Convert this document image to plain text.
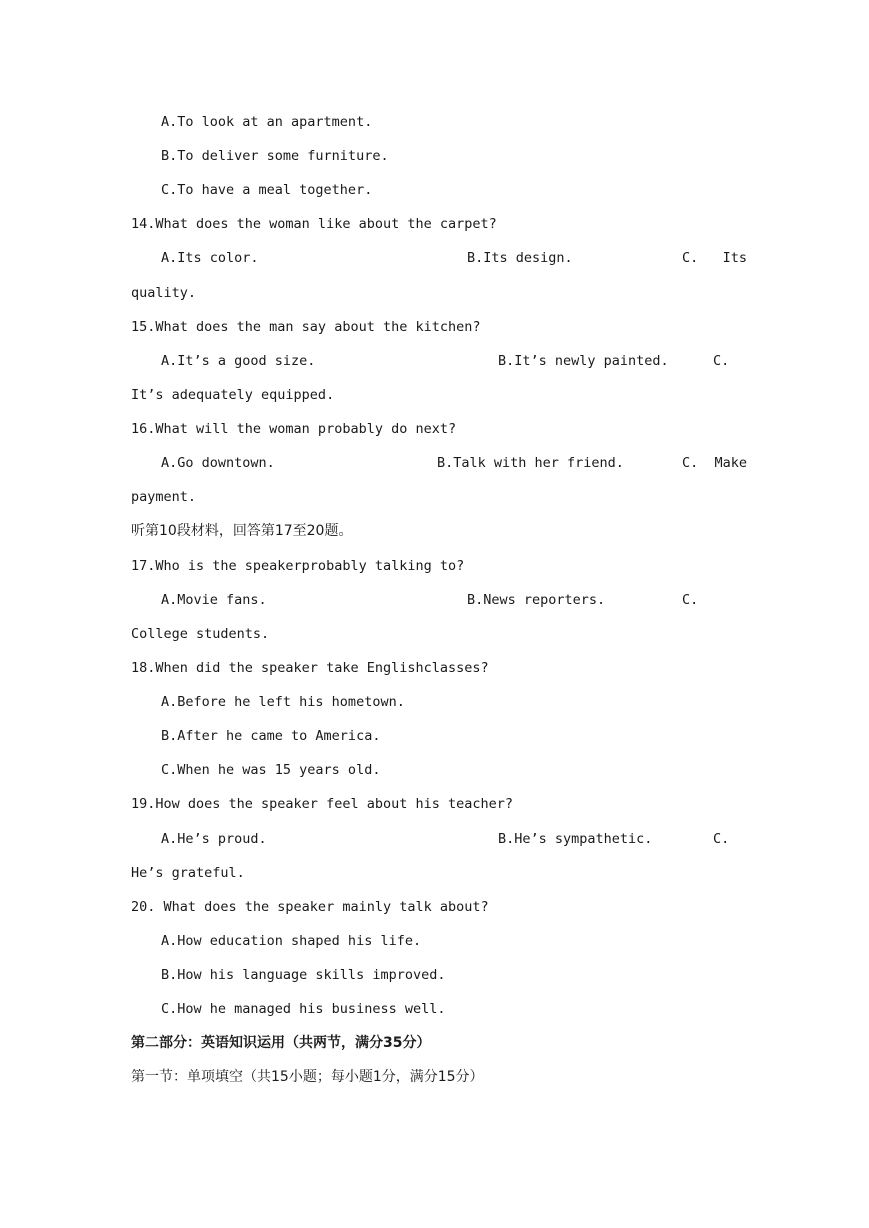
A.To look at an apartment.
B.To deliver some furniture.
C.To have a meal together.
14.What does the woman like about the carpet?
A.Its color.	B.Its design.	C.   Its
quality.
15.What does the man say about the kitchen?
A.It’s a good size.	B.It’s newly painted.	C.
It’s adequately equipped.
16.What will the woman probably do next?
A.Go downtown.	B.Talk with her friend.	C.  Make
payment.
听第10段材料，回答第17至20题。
17.Who is the speakerprobably talking to?
A.Movie fans.	B.News reporters.	C.
College students.
18.When did the speaker take Englishclasses?
A.Before he left his hometown.
B.After he came to America.
C.When he was 15 years old.
19.How does the speaker feel about his teacher?
A.He’s proud.	B.He’s sympathetic.	C.
He’s grateful.
20. What does the speaker mainly talk about?
A.How education shaped his life.
B.How his language skills improved.
C.How he managed his business well.
第二部分：英语知识运用（共两节，满分35分）
第一节：单项填空（共15小题；每小题1分，满分15分）
